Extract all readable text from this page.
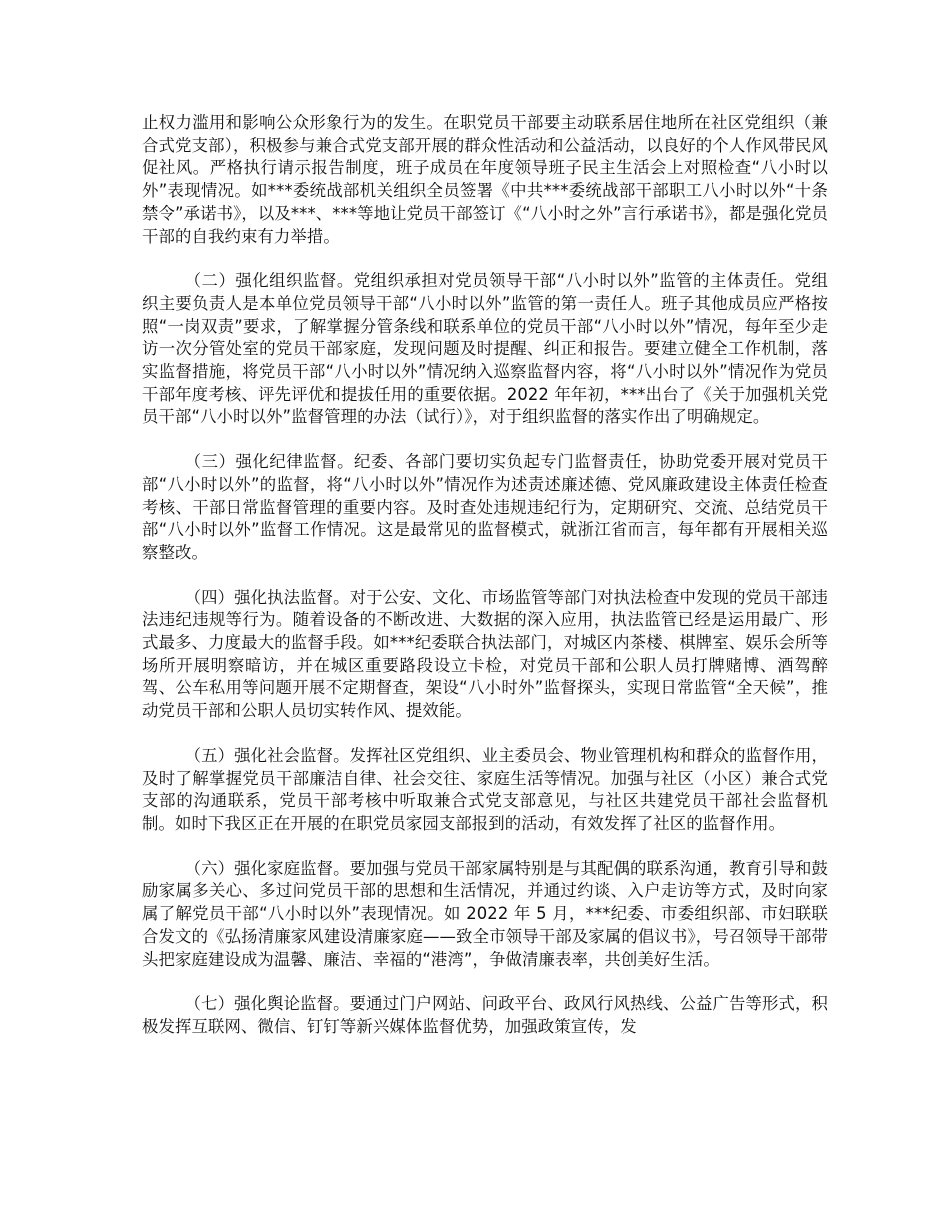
止权力滥用和影响公众形象行为的发生。在职党员干部要主动联系居住地所在社区党组织（兼合式党支部），积极参与兼合式党支部开展的群众性活动和公益活动，以良好的个人作风带民风促社风。严格执行请示报告制度，班子成员在年度领导班子民主生活会上对照检查“八小时以外”表现情况。如***委统战部机关组织全员签署《中共***委统战部干部职工八小时以外“十条禁令”承诺书》，以及***、***等地让党员干部签订《“八小时之外”言行承诺书》，都是强化党员干部的自我约束有力举措。

（二）强化组织监督。党组织承担对党员领导干部“八小时以外”监管的主体责任。党组织主要负责人是本单位党员领导干部“八小时以外”监管的第一责任人。班子其他成员应严格按照“一岗双责”要求，了解掌握分管条线和联系单位的党员干部“八小时以外”情况，每年至少走访一次分管处室的党员干部家庭，发现问题及时提醒、纠正和报告。要建立健全工作机制，落实监督措施，将党员干部“八小时以外”情况纳入巡察监督内容，将“八小时以外”情况作为党员干部年度考核、评先评优和提拔任用的重要依据。2022 年年初，***出台了《关于加强机关党员干部“八小时以外”监督管理的办法（试行）》，对于组织监督的落实作出了明确规定。

（三）强化纪律监督。纪委、各部门要切实负起专门监督责任，协助党委开展对党员干部“八小时以外”的监督，将“八小时以外”情况作为述责述廉述德、党风廉政建设主体责任检查考核、干部日常监督管理的重要内容。及时查处违规违纪行为，定期研究、交流、总结党员干部“八小时以外”监督工作情况。这是最常见的监督模式，就浙江省而言，每年都有开展相关巡察整改。

（四）强化执法监督。对于公安、文化、市场监管等部门对执法检查中发现的党员干部违法违纪违规等行为。随着设备的不断改进、大数据的深入应用，执法监管已经是运用最广、形式最多、力度最大的监督手段。如***纪委联合执法部门，对城区内茶楼、棋牌室、娱乐会所等场所开展明察暗访，并在城区重要路段设立卡检，对党员干部和公职人员打牌赌博、酒驾醉驾、公车私用等问题开展不定期督查，架设“八小时外”监督探头，实现日常监管“全天候”，推动党员干部和公职人员切实转作风、提效能。

（五）强化社会监督。发挥社区党组织、业主委员会、物业管理机构和群众的监督作用，及时了解掌握党员干部廉洁自律、社会交往、家庭生活等情况。加强与社区（小区）兼合式党支部的沟通联系，党员干部考核中听取兼合式党支部意见，与社区共建党员干部社会监督机制。如时下我区正在开展的在职党员家园支部报到的活动，有效发挥了社区的监督作用。

（六）强化家庭监督。要加强与党员干部家属特别是与其配偶的联系沟通，教育引导和鼓励家属多关心、多过问党员干部的思想和生活情况，并通过约谈、入户走访等方式，及时向家属了解党员干部“八小时以外”表现情况。如 2022 年 5 月，***纪委、市委组织部、市妇联联合发文的《弘扬清廉家风建设清廉家庭——致全市领导干部及家属的倡议书》，号召领导干部带头把家庭建设成为温馨、廉洁、幸福的“港湾”，争做清廉表率，共创美好生活。

（七）强化舆论监督。要通过门户网站、问政平台、政风行风热线、公益广告等形式，积极发挥互联网、微信、钉钉等新兴媒体监督优势，加强政策宣传，发
